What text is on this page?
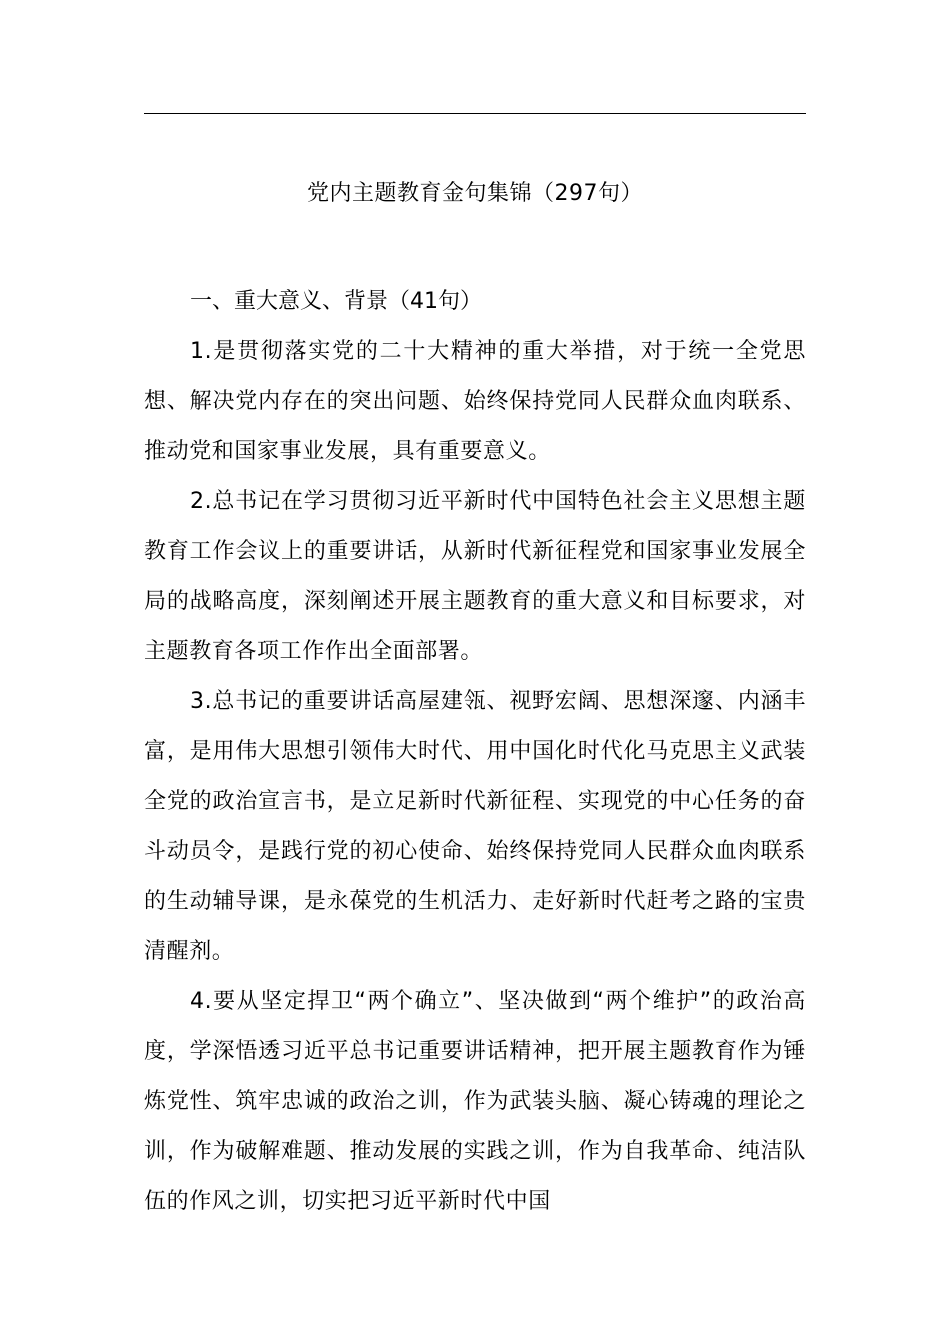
党内主题教育金句集锦（297句）

一、重大意义、背景（41句）

1.是贯彻落实党的二十大精神的重大举措，对于统一全党思想、解决党内存在的突出问题、始终保持党同人民群众血肉联系、推动党和国家事业发展，具有重要意义。

2.总书记在学习贯彻习近平新时代中国特色社会主义思想主题教育工作会议上的重要讲话，从新时代新征程党和国家事业发展全局的战略高度，深刻阐述开展主题教育的重大意义和目标要求，对主题教育各项工作作出全面部署。

3.总书记的重要讲话高屋建瓴、视野宏阔、思想深邃、内涵丰富，是用伟大思想引领伟大时代、用中国化时代化马克思主义武装全党的政治宣言书，是立足新时代新征程、实现党的中心任务的奋斗动员令，是践行党的初心使命、始终保持党同人民群众血肉联系的生动辅导课，是永葆党的生机活力、走好新时代赶考之路的宝贵清醒剂。

4.要从坚定捍卫“两个确立”、坚决做到“两个维护”的政治高度，学深悟透习近平总书记重要讲话精神，把开展主题教育作为锤炼党性、筑牢忠诚的政治之训，作为武装头脑、凝心铸魂的理论之训，作为破解难题、推动发展的实践之训，作为自我革命、纯洁队伍的作风之训，切实把习近平新时代中国
